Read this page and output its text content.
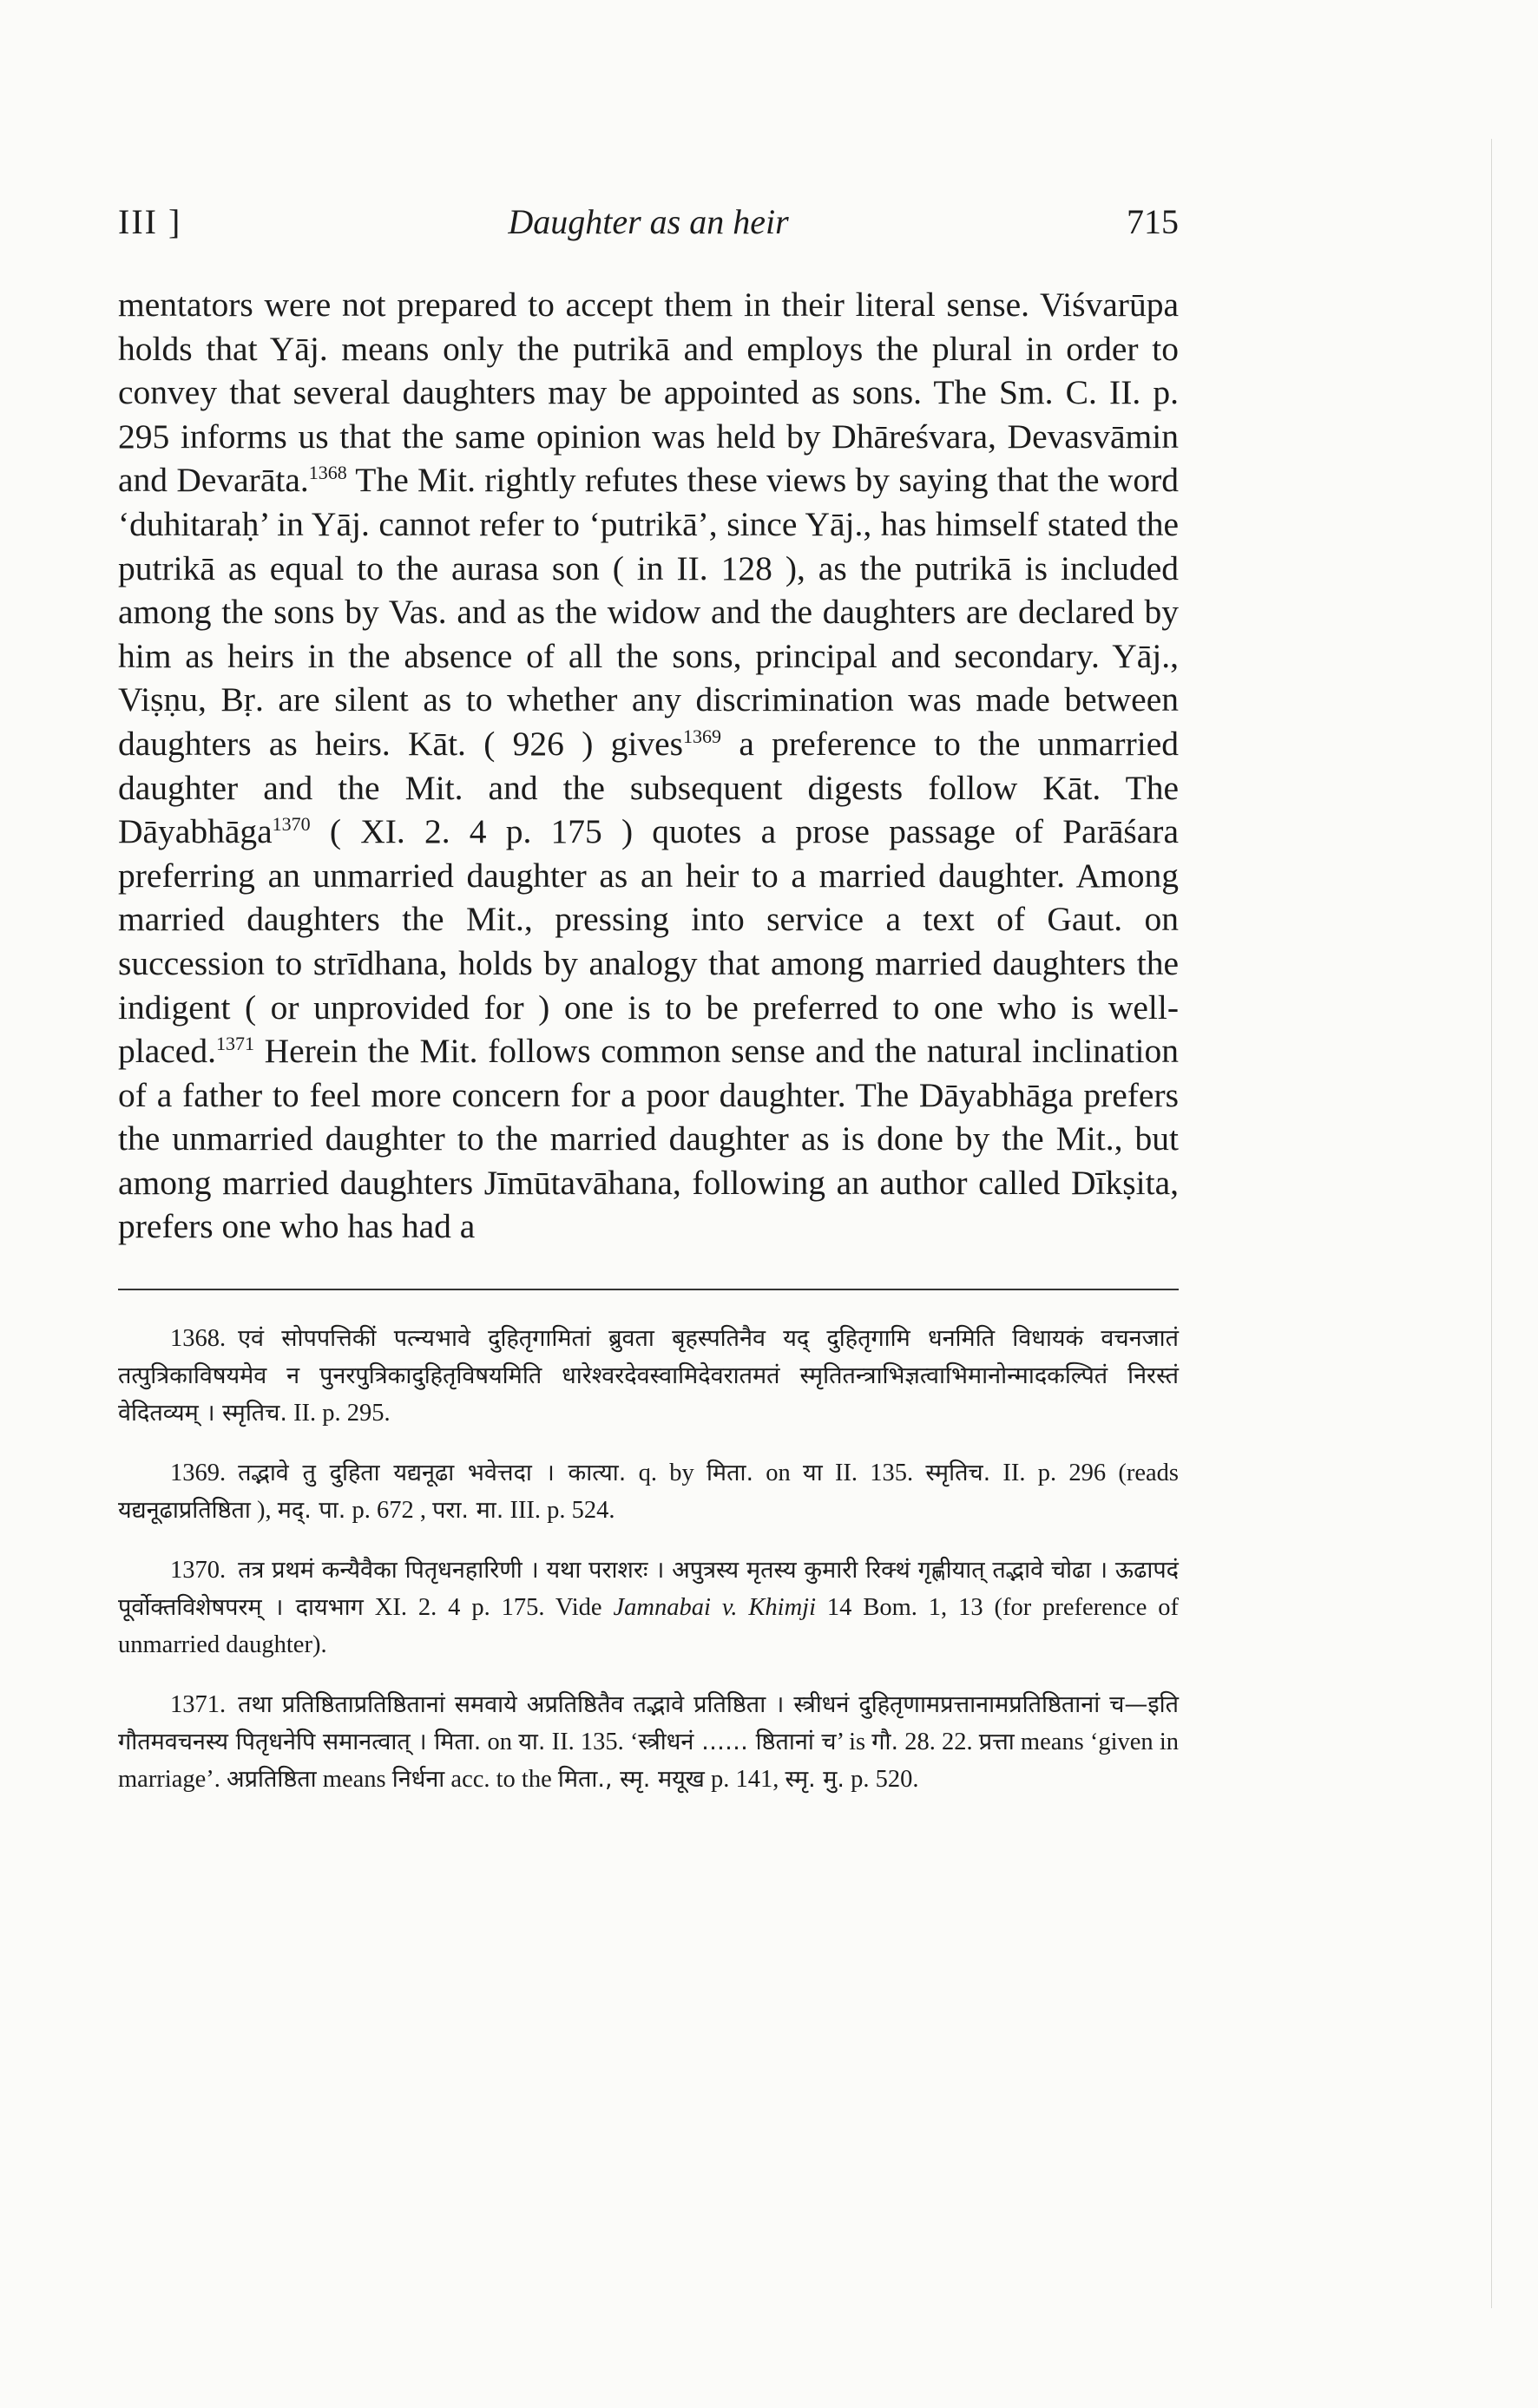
III ]	Daughter as an heir	715
mentators were not prepared to accept them in their literal sense. Viśvarūpa holds that Yāj. means only the putrikā and employs the plural in order to convey that several daughters may be appointed as sons. The Sm. C. II. p. 295 informs us that the same opinion was held by Dhāreśvara, Devasvāmin and Devarāta.$^{1368}$ The Mit. rightly refutes these views by saying that the word ‘duhitaraḥ’ in Yāj. cannot refer to ‘putrikā’, since Yāj., has himself stated the putrikā as equal to the aurasa son ( in II. 128 ), as the putrikā is included among the sons by Vas. and as the widow and the daughters are declared by him as heirs in the absence of all the sons, principal and secondary. Yāj., Viṣṇu, Bṛ. are silent as to whether any discrimination was made between daughters as heirs. Kāt. ( 926 ) gives$^{1369}$ a preference to the unmarried daughter and the Mit. and the subsequent digests follow Kāt. The Dāyabhāga$^{1370}$ ( XI. 2. 4 p. 175 ) quotes a prose passage of Parāśara preferring an unmarried daughter as an heir to a married daughter. Among married daughters the Mit., pressing into service a text of Gaut. on succession to strīdhana, holds by analogy that among married daughters the indigent ( or unprovided for ) one is to be preferred to one who is well-placed.$^{1371}$ Herein the Mit. follows common sense and the natural inclination of a father to feel more concern for a poor daughter. The Dāyabhāga prefers the unmarried daughter to the married daughter as is done by the Mit., but among married daughters Jīmūtavāhana, following an author called Dīkṣita, prefers one who has had a
1368. एवं सोपपत्तिकीं पत्न्यभावे दुहितृगामितां ब्रुवता बृहस्पतिनैव यद् दुहितृगामि धनमिति विधायकं वचनजातं तत्पुत्रिकाविषयमेव न पुनरपुत्रिकादुहितृविषयमिति धारेश्वरदेवस्वामिदेवरातमतं स्मृतितन्त्राभिज्ञत्वाभिमानोन्मादकल्पितं निरस्तं वेदितव्यम् । स्मृतिच. II. p. 295.
1369. तद्भावे तु दुहिता यद्यनूढा भवेत्तदा । कात्या. q. by मिता. on या II. 135. स्मृतिच. II. p. 296 (reads यद्यनूढाप्रतिष्ठिता ), मद्. पा. p. 672 , परा. मा. III. p. 524.
1370. तत्र प्रथमं कन्यैवैका पितृधनहारिणी । यथा पराशरः । अपुत्रस्य मृतस्य कुमारी रिक्थं गृह्णीयात् तद्भावे चोढा । ऊढापदं पूर्वोक्तविशेषपरम् । दायभाग XI. 2. 4 p. 175. Vide Jamnabai v. Khimji 14 Bom. 1, 13 (for preference of unmarried daughter).
1371. तथा प्रतिष्ठिताप्रतिष्ठितानां समवाये अप्रतिष्ठितैव तद्भावे प्रतिष्ठिता । स्त्रीधनं दुहितृणामप्रत्तानामप्रतिष्ठितानां च—इति गौतमवचनस्य पितृधनेपि समानत्वात् । मिता. on या. II. 135. ‘स्त्रीधनं …… ष्ठितानां च’ is गौ. 28. 22. प्रत्ता means ‘given in marriage’. अप्रतिष्ठिता means निर्धना acc. to the मिता., स्मृ. मयूख p. 141, स्मृ. मु. p. 520.
